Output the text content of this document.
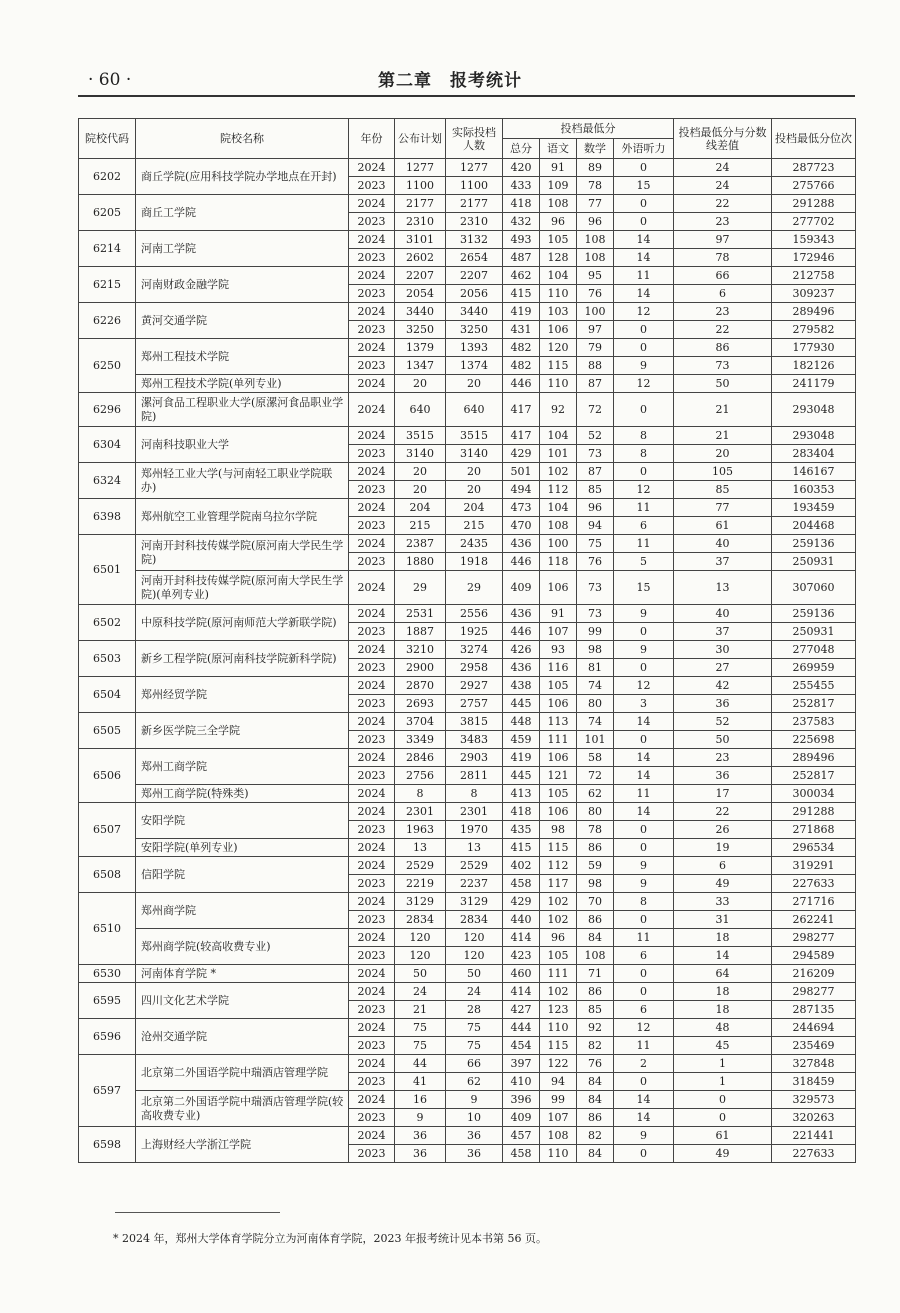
· 60 ·	第二章　报考统计
院校代码	院校名称	年份	公布计划	实际投档人数	投档最低分				投档最低分与分数线差值	投档最低分位次
					总分	语文	数学	外语听力		
6202	商丘学院(应用科技学院办学地点在开封)	2024	1277	1277	420	91	89	0	24	287723
		2023	1100	1100	433	109	78	15	24	275766
6205	商丘工学院	2024	2177	2177	418	108	77	0	22	291288
		2023	2310	2310	432	96	96	0	23	277702
6214	河南工学院	2024	3101	3132	493	105	108	14	97	159343
		2023	2602	2654	487	128	108	14	78	172946
6215	河南财政金融学院	2024	2207	2207	462	104	95	11	66	212758
		2023	2054	2056	415	110	76	14	6	309237
6226	黄河交通学院	2024	3440	3440	419	103	100	12	23	289496
		2023	3250	3250	431	106	97	0	22	279582
6250	郑州工程技术学院	2024	1379	1393	482	120	79	0	86	177930
		2023	1347	1374	482	115	88	9	73	182126
	郑州工程技术学院(单列专业)	2024	20	20	446	110	87	12	50	241179
6296	漯河食品工程职业大学(原漯河食品职业学院)	2024	640	640	417	92	72	0	21	293048
6304	河南科技职业大学	2024	3515	3515	417	104	52	8	21	293048
		2023	3140	3140	429	101	73	8	20	283404
6324	郑州轻工业大学(与河南轻工职业学院联办)	2024	20	20	501	102	87	0	105	146167
		2023	20	20	494	112	85	12	85	160353
6398	郑州航空工业管理学院南乌拉尔学院	2024	204	204	473	104	96	11	77	193459
		2023	215	215	470	108	94	6	61	204468
6501	河南开封科技传媒学院(原河南大学民生学院)	2024	2387	2435	436	100	75	11	40	259136
		2023	1880	1918	446	118	76	5	37	250931
	河南开封科技传媒学院(原河南大学民生学院)(单列专业)	2024	29	29	409	106	73	15	13	307060
6502	中原科技学院(原河南师范大学新联学院)	2024	2531	2556	436	91	73	9	40	259136
		2023	1887	1925	446	107	99	0	37	250931
6503	新乡工程学院(原河南科技学院新科学院)	2024	3210	3274	426	93	98	9	30	277048
		2023	2900	2958	436	116	81	0	27	269959
6504	郑州经贸学院	2024	2870	2927	438	105	74	12	42	255455
		2023	2693	2757	445	106	80	3	36	252817
6505	新乡医学院三全学院	2024	3704	3815	448	113	74	14	52	237583
		2023	3349	3483	459	111	101	0	50	225698
6506	郑州工商学院	2024	2846	2903	419	106	58	14	23	289496
		2023	2756	2811	445	121	72	14	36	252817
	郑州工商学院(特殊类)	2024	8	8	413	105	62	11	17	300034
6507	安阳学院	2024	2301	2301	418	106	80	14	22	291288
		2023	1963	1970	435	98	78	0	26	271868
	安阳学院(单列专业)	2024	13	13	415	115	86	0	19	296534
6508	信阳学院	2024	2529	2529	402	112	59	9	6	319291
		2023	2219	2237	458	117	98	9	49	227633
6510	郑州商学院	2024	3129	3129	429	102	70	8	33	271716
		2023	2834	2834	440	102	86	0	31	262241
	郑州商学院(较高收费专业)	2024	120	120	414	96	84	11	18	298277
		2023	120	120	423	105	108	6	14	294589
6530	河南体育学院 *	2024	50	50	460	111	71	0	64	216209
6595	四川文化艺术学院	2024	24	24	414	102	86	0	18	298277
		2023	21	28	427	123	85	6	18	287135
6596	沧州交通学院	2024	75	75	444	110	92	12	48	244694
		2023	75	75	454	115	82	11	45	235469
6597	北京第二外国语学院中瑞酒店管理学院	2024	44	66	397	122	76	2	1	327848
		2023	41	62	410	94	84	0	1	318459
	北京第二外国语学院中瑞酒店管理学院(较高收费专业)	2024	16	9	396	99	84	14	0	329573
		2023	9	10	409	107	86	14	0	320263
6598	上海财经大学浙江学院	2024	36	36	457	108	82	9	61	221441
		2023	36	36	458	110	84	0	49	227633
* 2024 年，郑州大学体育学院分立为河南体育学院，2023 年报考统计见本书第 56 页。
